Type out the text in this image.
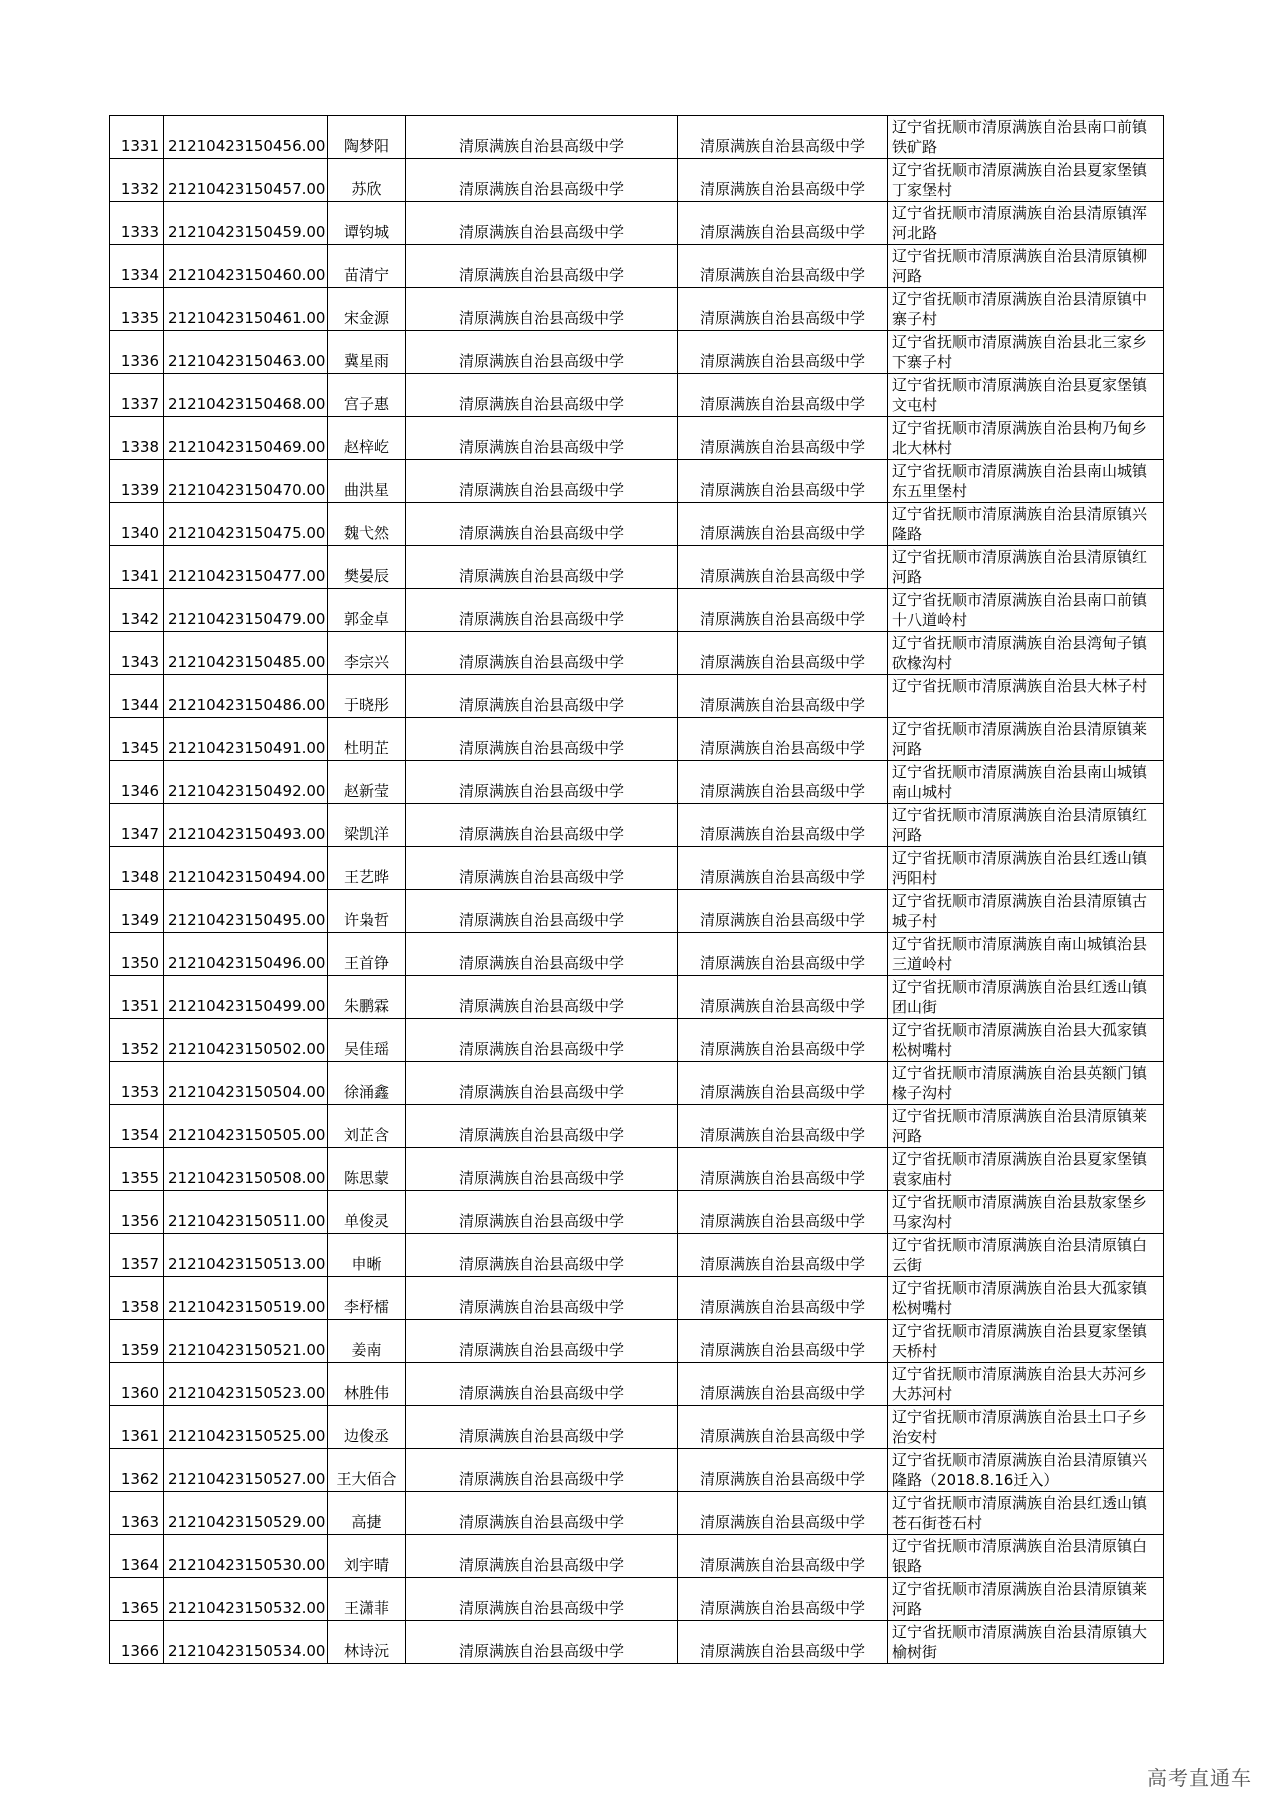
1331	21210423150456.00	陶梦阳	清原满族自治县高级中学	清原满族自治县高级中学	辽宁省抚顺市清原满族自治县南口前镇铁矿路
1332	21210423150457.00	苏欣	清原满族自治县高级中学	清原满族自治县高级中学	辽宁省抚顺市清原满族自治县夏家堡镇丁家堡村
1333	21210423150459.00	谭钧城	清原满族自治县高级中学	清原满族自治县高级中学	辽宁省抚顺市清原满族自治县清原镇浑河北路
1334	21210423150460.00	苗清宁	清原满族自治县高级中学	清原满族自治县高级中学	辽宁省抚顺市清原满族自治县清原镇柳河路
1335	21210423150461.00	宋金源	清原满族自治县高级中学	清原满族自治县高级中学	辽宁省抚顺市清原满族自治县清原镇中寨子村
1336	21210423150463.00	冀星雨	清原满族自治县高级中学	清原满族自治县高级中学	辽宁省抚顺市清原满族自治县北三家乡下寨子村
1337	21210423150468.00	宫子惠	清原满族自治县高级中学	清原满族自治县高级中学	辽宁省抚顺市清原满族自治县夏家堡镇文屯村
1338	21210423150469.00	赵梓屹	清原满族自治县高级中学	清原满族自治县高级中学	辽宁省抚顺市清原满族自治县枸乃甸乡北大林村
1339	21210423150470.00	曲洪星	清原满族自治县高级中学	清原满族自治县高级中学	辽宁省抚顺市清原满族自治县南山城镇东五里堡村
1340	21210423150475.00	魏弋然	清原满族自治县高级中学	清原满族自治县高级中学	辽宁省抚顺市清原满族自治县清原镇兴隆路
1341	21210423150477.00	樊晏辰	清原满族自治县高级中学	清原满族自治县高级中学	辽宁省抚顺市清原满族自治县清原镇红河路
1342	21210423150479.00	郭金卓	清原满族自治县高级中学	清原满族自治县高级中学	辽宁省抚顺市清原满族自治县南口前镇十八道岭村
1343	21210423150485.00	李宗兴	清原满族自治县高级中学	清原满族自治县高级中学	辽宁省抚顺市清原满族自治县湾甸子镇 砍椽沟村
1344	21210423150486.00	于晓彤	清原满族自治县高级中学	清原满族自治县高级中学	辽宁省抚顺市清原满族自治县大林子村
1345	21210423150491.00	杜明芷	清原满族自治县高级中学	清原满族自治县高级中学	辽宁省抚顺市清原满族自治县清原镇莱河路
1346	21210423150492.00	赵新莹	清原满族自治县高级中学	清原满族自治县高级中学	辽宁省抚顺市清原满族自治县南山城镇南山城村
1347	21210423150493.00	梁凯洋	清原满族自治县高级中学	清原满族自治县高级中学	辽宁省抚顺市清原满族自治县清原镇红河路
1348	21210423150494.00	王艺晔	清原满族自治县高级中学	清原满族自治县高级中学	辽宁省抚顺市清原满族自治县红透山镇沔阳村
1349	21210423150495.00	许枭哲	清原满族自治县高级中学	清原满族自治县高级中学	辽宁省抚顺市清原满族自治县清原镇古城子村
1350	21210423150496.00	王首铮	清原满族自治县高级中学	清原满族自治县高级中学	辽宁省抚顺市清原满族自南山城镇治县三道岭村
1351	21210423150499.00	朱鹏霖	清原满族自治县高级中学	清原满族自治县高级中学	辽宁省抚顺市清原满族自治县红透山镇团山街
1352	21210423150502.00	吴佳瑶	清原满族自治县高级中学	清原满族自治县高级中学	辽宁省抚顺市清原满族自治县大孤家镇松树嘴村
1353	21210423150504.00	徐涌鑫	清原满族自治县高级中学	清原满族自治县高级中学	辽宁省抚顺市清原满族自治县英额门镇椽子沟村
1354	21210423150505.00	刘芷含	清原满族自治县高级中学	清原满族自治县高级中学	辽宁省抚顺市清原满族自治县清原镇莱河路
1355	21210423150508.00	陈思蒙	清原满族自治县高级中学	清原满族自治县高级中学	辽宁省抚顺市清原满族自治县夏家堡镇袁家庙村
1356	21210423150511.00	单俊灵	清原满族自治县高级中学	清原满族自治县高级中学	辽宁省抚顺市清原满族自治县敖家堡乡马家沟村
1357	21210423150513.00	申晰	清原满族自治县高级中学	清原满族自治县高级中学	辽宁省抚顺市清原满族自治县清原镇白云街
1358	21210423150519.00	李杼檑	清原满族自治县高级中学	清原满族自治县高级中学	辽宁省抚顺市清原满族自治县大孤家镇松树嘴村
1359	21210423150521.00	姜南	清原满族自治县高级中学	清原满族自治县高级中学	辽宁省抚顺市清原满族自治县夏家堡镇天桥村
1360	21210423150523.00	林胜伟	清原满族自治县高级中学	清原满族自治县高级中学	辽宁省抚顺市清原满族自治县大苏河乡大苏河村
1361	21210423150525.00	边俊丞	清原满族自治县高级中学	清原满族自治县高级中学	辽宁省抚顺市清原满族自治县土口子乡治安村
1362	21210423150527.00	王大佰合	清原满族自治县高级中学	清原满族自治县高级中学	辽宁省抚顺市清原满族自治县清原镇兴隆路（2018.8.16迁入）
1363	21210423150529.00	高捷	清原满族自治县高级中学	清原满族自治县高级中学	辽宁省抚顺市清原满族自治县红透山镇苍石街苍石村
1364	21210423150530.00	刘宇晴	清原满族自治县高级中学	清原满族自治县高级中学	辽宁省抚顺市清原满族自治县清原镇白银路
1365	21210423150532.00	王潇菲	清原满族自治县高级中学	清原满族自治县高级中学	辽宁省抚顺市清原满族自治县清原镇莱河路
1366	21210423150534.00	林诗沅	清原满族自治县高级中学	清原满族自治县高级中学	辽宁省抚顺市清原满族自治县清原镇大榆树街
高考直通车
